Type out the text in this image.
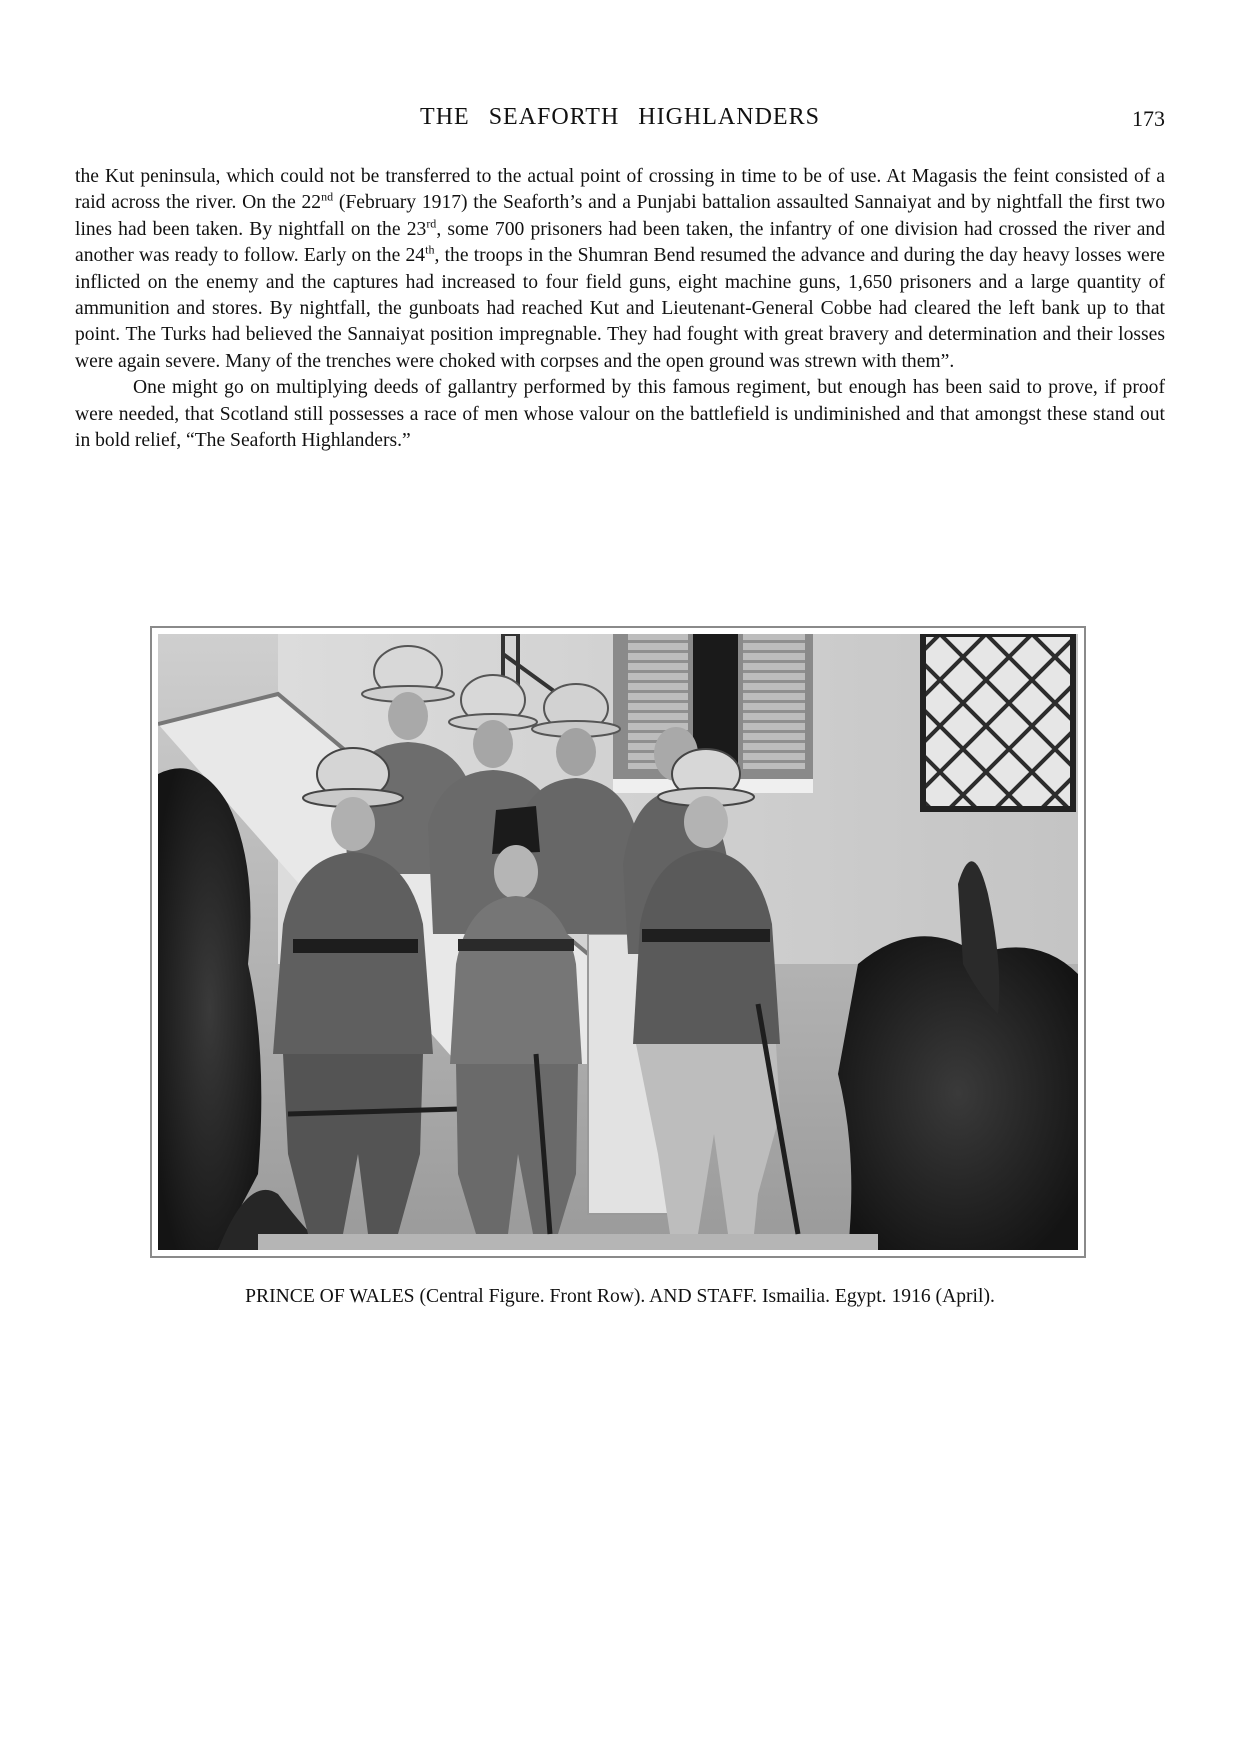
THE SEAFORTH HIGHLANDERS	173

the Kut peninsula, which could not be transferred to the actual point of crossing in time to be of use. At Magasis the feint consisted of a raid across the river. On the 22nd (February 1917) the Seaforth’s and a Punjabi battalion assaulted Sannaiyat and by nightfall the first two lines had been taken. By nightfall on the 23rd, some 700 prisoners had been taken, the infantry of one division had crossed the river and another was ready to follow. Early on the 24th, the troops in the Shumran Bend resumed the advance and during the day heavy losses were inflicted on the enemy and the captures had increased to four field guns, eight machine guns, 1,650 prisoners and a large quantity of ammunition and stores. By nightfall, the gunboats had reached Kut and Lieutenant-General Cobbe had cleared the left bank up to that point. The Turks had believed the Sannaiyat position impregnable. They had fought with great bravery and determination and their losses were again severe. Many of the trenches were choked with corpses and the open ground was strewn with them”.

One might go on multiplying deeds of gallantry performed by this famous regiment, but enough has been said to prove, if proof were needed, that Scotland still possesses a race of men whose valour on the battlefield is undiminished and that amongst these stand out in bold relief, “The Seaforth Highlanders.”

PRINCE OF WALES (Central Figure. Front Row). AND STAFF. Ismailia. Egypt. 1916 (April).
